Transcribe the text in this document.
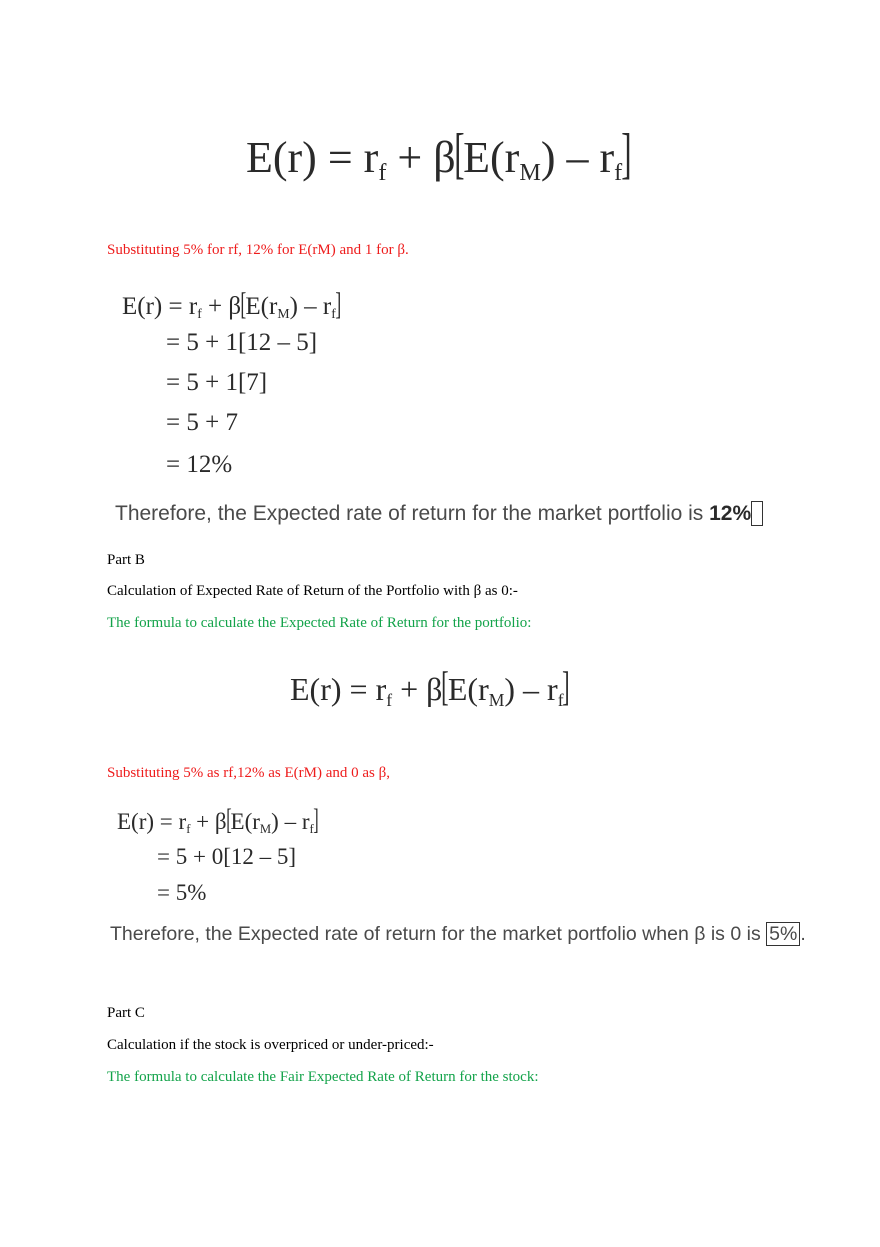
E(r) = rf + β[E(rM) – rf]
Substituting 5% for rf, 12% for E(rM) and 1 for β.
E(r) = rf + β[E(rM) – rf]
= 5 + 1[12 – 5]
= 5 + 1[7]
= 5 + 7
= 12%
Therefore, the Expected rate of return for the market portfolio is 12%
Part B
Calculation of Expected Rate of Return of the Portfolio with β as 0:-
The formula to calculate the Expected Rate of Return for the portfolio:
E(r) = rf + β[E(rM) – rf]
Substituting 5% as rf,12% as E(rM) and 0 as β,
E(r) = rf + β[E(rM) – rf]
= 5 + 0[12 – 5]
= 5%
Therefore, the Expected rate of return for the market portfolio when β is 0 is 5% .
Part C
Calculation if the stock is overpriced or under-priced:-
The formula to calculate the Fair Expected Rate of Return for the stock:
